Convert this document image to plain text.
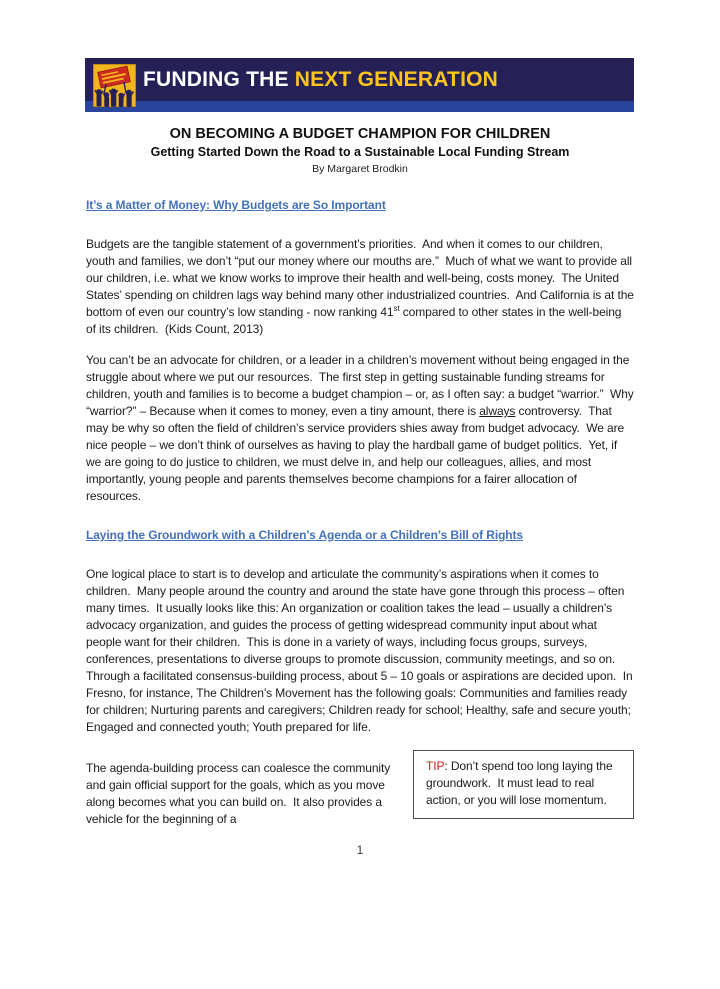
FUNDING THE NEXT GENERATION
ON BECOMING A BUDGET CHAMPION FOR CHILDREN
Getting Started Down the Road to a Sustainable Local Funding Stream
By Margaret Brodkin
It’s a Matter of Money: Why Budgets are So Important

Budgets are the tangible statement of a government’s priorities.  And when it comes to our children, youth and families, we don’t “put our money where our mouths are.”  Much of what we want to provide all our children, i.e. what we know works to improve their health and well-being, costs money.  The United States’ spending on children lags way behind many other industrialized countries.  And California is at the bottom of even our country’s low standing - now ranking 41st compared to other states in the well-being of its children.  (Kids Count, 2013)

You can’t be an advocate for children, or a leader in a children’s movement without being engaged in the struggle about where we put our resources.  The first step in getting sustainable funding streams for children, youth and families is to become a budget champion – or, as I often say: a budget “warrior.”  Why “warrior?” – Because when it comes to money, even a tiny amount, there is always controversy.  That may be why so often the field of children’s service providers shies away from budget advocacy.  We are nice people – we don’t think of ourselves as having to play the hardball game of budget politics.  Yet, if we are going to do justice to children, we must delve in, and help our colleagues, allies, and most importantly, young people and parents themselves become champions for a fairer allocation of resources.

Laying the Groundwork with a Children’s Agenda or a Children’s Bill of Rights

One logical place to start is to develop and articulate the community’s aspirations when it comes to children.  Many people around the country and around the state have gone through this process – often many times.  It usually looks like this: An organization or coalition takes the lead – usually a children’s advocacy organization, and guides the process of getting widespread community input about what people want for their children.  This is done in a variety of ways, including focus groups, surveys, conferences, presentations to diverse groups to promote discussion, community meetings, and so on.  Through a facilitated consensus-building process, about 5 – 10 goals or aspirations are decided upon.  In Fresno, for instance, The Children’s Movement has the following goals: Communities and families ready for children; Nurturing parents and caregivers; Children ready for school; Healthy, safe and secure youth; Engaged and connected youth; Youth prepared for life.

The agenda-building process can coalesce the community and gain official support for the goals, which as you move along becomes what you can build on.  It also provides a vehicle for the beginning of a

TIP: Don’t spend too long laying the groundwork.  It must lead to real action, or you will lose momentum.
1
